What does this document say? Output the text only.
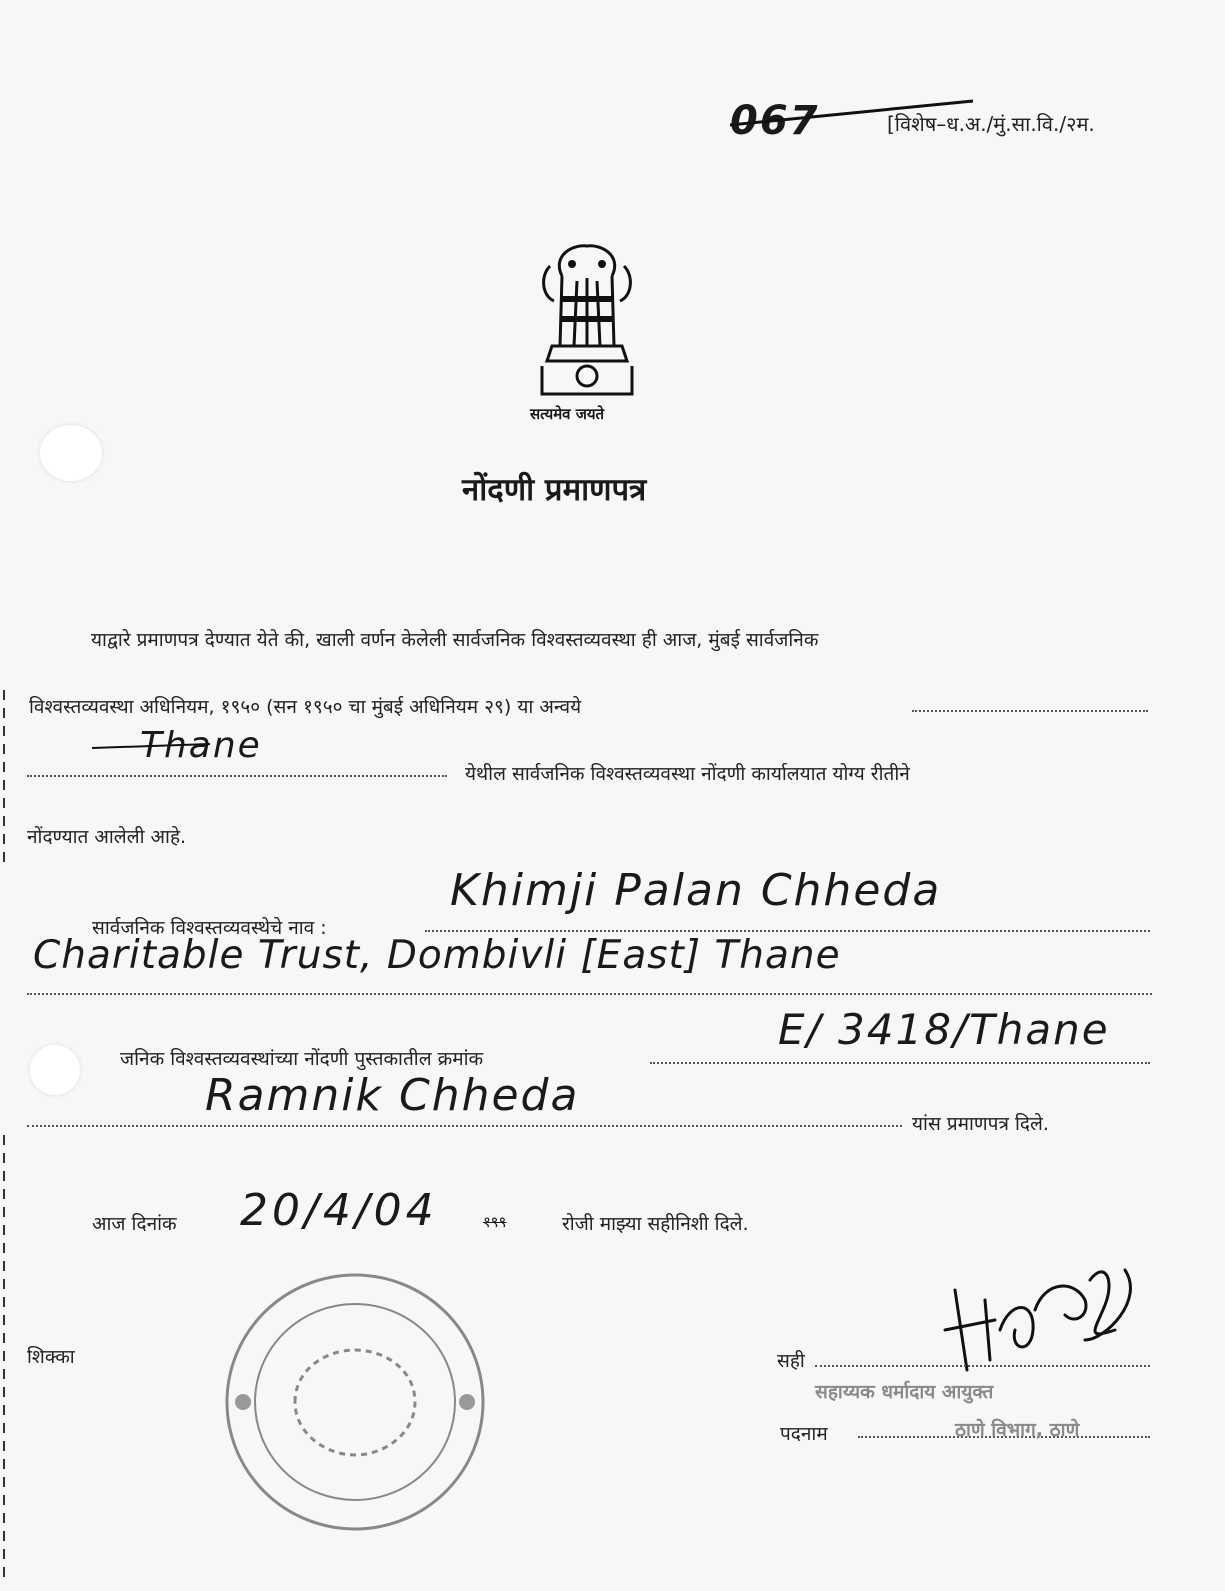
067	[विशेष–ध.अ./मुं.सा.वि./२म.
सत्यमेव जयते
नोंदणी प्रमाणपत्र
याद्वारे प्रमाणपत्र देण्यात येते की, खाली वर्णन केलेली सार्वजनिक विश्वस्तव्यवस्था ही आज, मुंबई सार्वजनिक
विश्वस्तव्यवस्था अधिनियम, १९५० (सन १९५० चा मुंबई अधिनियम २९) या अन्वये
Thane
येथील सार्वजनिक विश्वस्तव्यवस्था नोंदणी कार्यालयात योग्य रीतीने
नोंदण्यात आलेली आहे.
सार्वजनिक विश्वस्तव्यवस्थेचे नाव :
Khimji Palan Chheda
Charitable Trust, Dombivli [East] Thane
जनिक विश्वस्तव्यवस्थांच्या नोंदणी पुस्तकातील क्रमांक
E/ 3418/Thane
Ramnik Chheda
यांस प्रमाणपत्र दिले.
आज दिनांक 20/4/04	१९९	रोजी माझ्या सहीनिशी दिले.
शिक्का	सही
सहाय्यक धर्मादाय आयुक्त
पदनाम	ठाणे विभाग, ठाणे
